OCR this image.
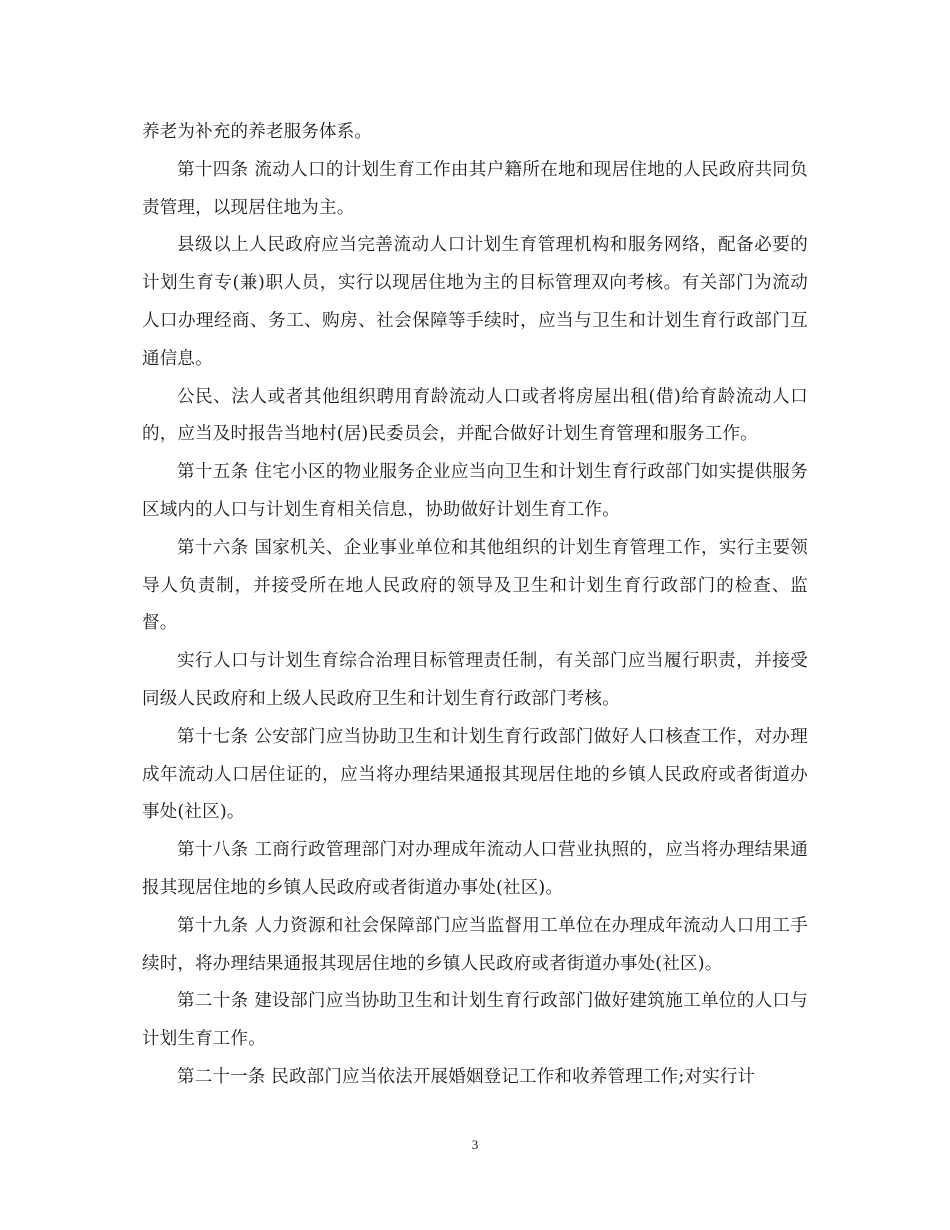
养老为补充的养老服务体系。

第十四条 流动人口的计划生育工作由其户籍所在地和现居住地的人民政府共同负责管理，以现居住地为主。

县级以上人民政府应当完善流动人口计划生育管理机构和服务网络，配备必要的计划生育专(兼)职人员，实行以现居住地为主的目标管理双向考核。有关部门为流动人口办理经商、务工、购房、社会保障等手续时，应当与卫生和计划生育行政部门互通信息。

公民、法人或者其他组织聘用育龄流动人口或者将房屋出租(借)给育龄流动人口的，应当及时报告当地村(居)民委员会，并配合做好计划生育管理和服务工作。

第十五条 住宅小区的物业服务企业应当向卫生和计划生育行政部门如实提供服务区域内的人口与计划生育相关信息，协助做好计划生育工作。

第十六条 国家机关、企业事业单位和其他组织的计划生育管理工作，实行主要领导人负责制，并接受所在地人民政府的领导及卫生和计划生育行政部门的检查、监督。

实行人口与计划生育综合治理目标管理责任制，有关部门应当履行职责，并接受同级人民政府和上级人民政府卫生和计划生育行政部门考核。

第十七条 公安部门应当协助卫生和计划生育行政部门做好人口核查工作，对办理成年流动人口居住证的，应当将办理结果通报其现居住地的乡镇人民政府或者街道办事处(社区)。

第十八条 工商行政管理部门对办理成年流动人口营业执照的，应当将办理结果通报其现居住地的乡镇人民政府或者街道办事处(社区)。

第十九条 人力资源和社会保障部门应当监督用工单位在办理成年流动人口用工手续时，将办理结果通报其现居住地的乡镇人民政府或者街道办事处(社区)。

第二十条 建设部门应当协助卫生和计划生育行政部门做好建筑施工单位的人口与计划生育工作。

第二十一条 民政部门应当依法开展婚姻登记工作和收养管理工作;对实行计

3
